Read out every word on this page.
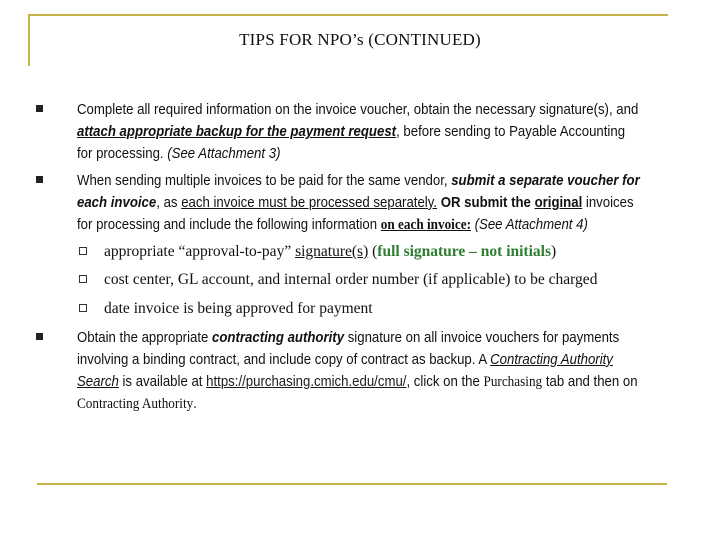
TIPS FOR NPO’s (CONTINUED)
Complete all required information on the invoice voucher, obtain the necessary signature(s), and attach appropriate backup for the payment request, before sending to Payable Accounting for processing. (See Attachment 3)
When sending multiple invoices to be paid for the same vendor, submit a separate voucher for each invoice, as each invoice must be processed separately. OR submit the original invoices for processing and include the following information on each invoice: (See Attachment 4)
appropriate “approval-to-pay” signature(s) (full signature – not initials)
cost center, GL account, and internal order number (if applicable) to be charged
date invoice is being approved for payment
Obtain the appropriate contracting authority signature on all invoice vouchers for payments involving a binding contract, and include copy of contract as backup. A Contracting Authority Search is available at https://purchasing.cmich.edu/cmu/, click on the Purchasing tab and then on Contracting Authority.
